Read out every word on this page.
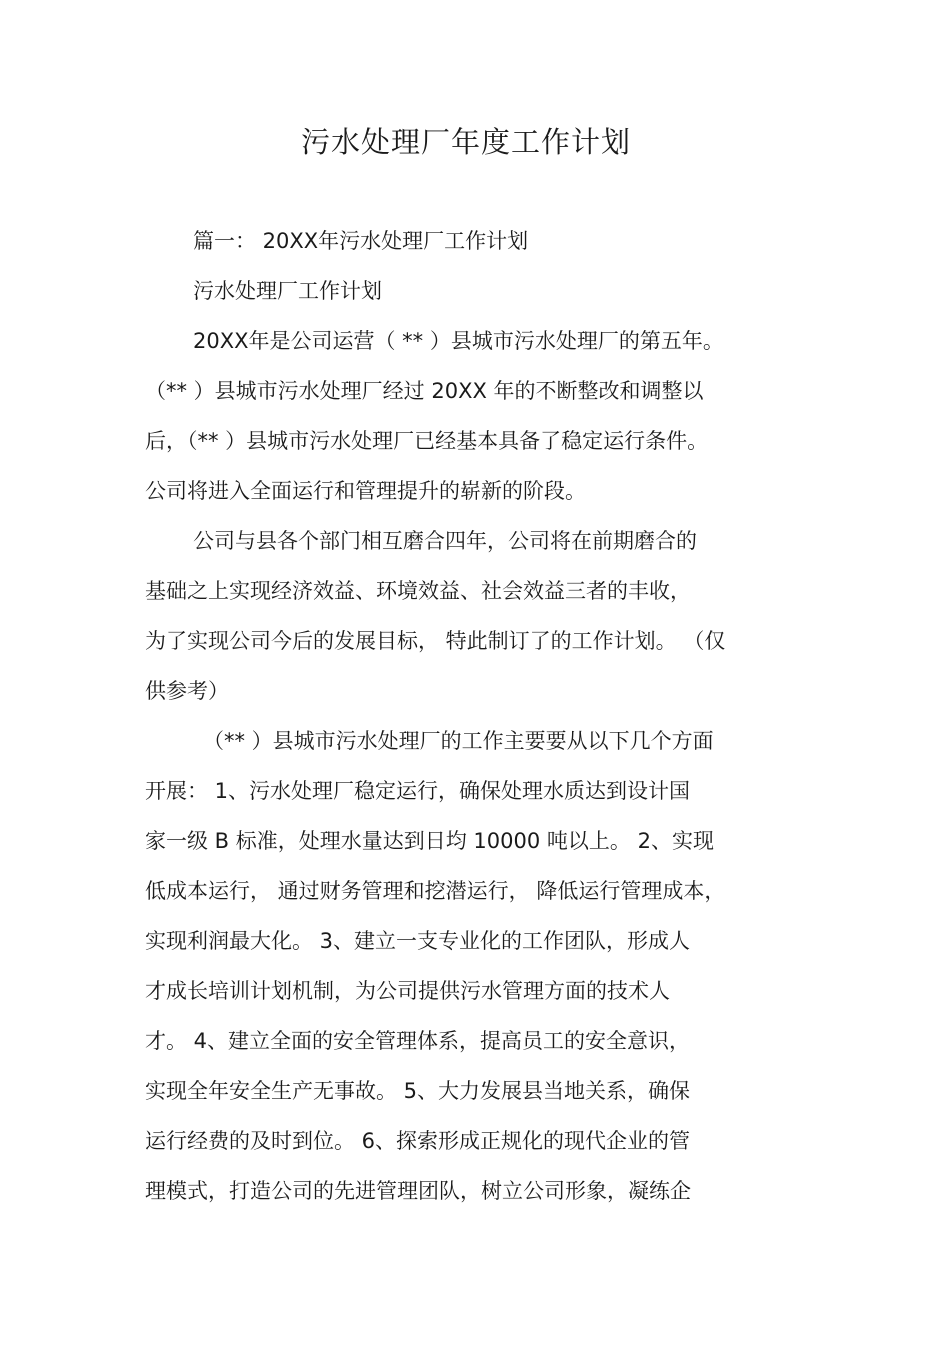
污水处理厂年度工作计划
篇一： 20XX年污水处理厂工作计划
污水处理厂工作计划
20XX年是公司运营（ ** ）县城市污水处理厂的第五年。
（** ）县城市污水处理厂经过 20XX 年的不断整改和调整以
后，（** ）县城市污水处理厂已经基本具备了稳定运行条件。
公司将进入全面运行和管理提升的崭新的阶段。
公司与县各个部门相互磨合四年，公司将在前期磨合的
基础之上实现经济效益、环境效益、社会效益三者的丰收，
为了实现公司今后的发展目标， 特此制订了的工作计划。 （仅
供参考）
（** ）县城市污水处理厂的工作主要要从以下几个方面
开展： 1、污水处理厂稳定运行，确保处理水质达到设计国
家一级 B 标准，处理水量达到日均 10000 吨以上。 2、实现
低成本运行， 通过财务管理和挖潜运行， 降低运行管理成本，
实现利润最大化。 3、建立一支专业化的工作团队，形成人
才成长培训计划机制，为公司提供污水管理方面的技术人
才。 4、建立全面的安全管理体系，提高员工的安全意识，
实现全年安全生产无事故。 5、大力发展县当地关系，确保
运行经费的及时到位。 6、探索形成正规化的现代企业的管
理模式，打造公司的先进管理团队，树立公司形象，凝练企
